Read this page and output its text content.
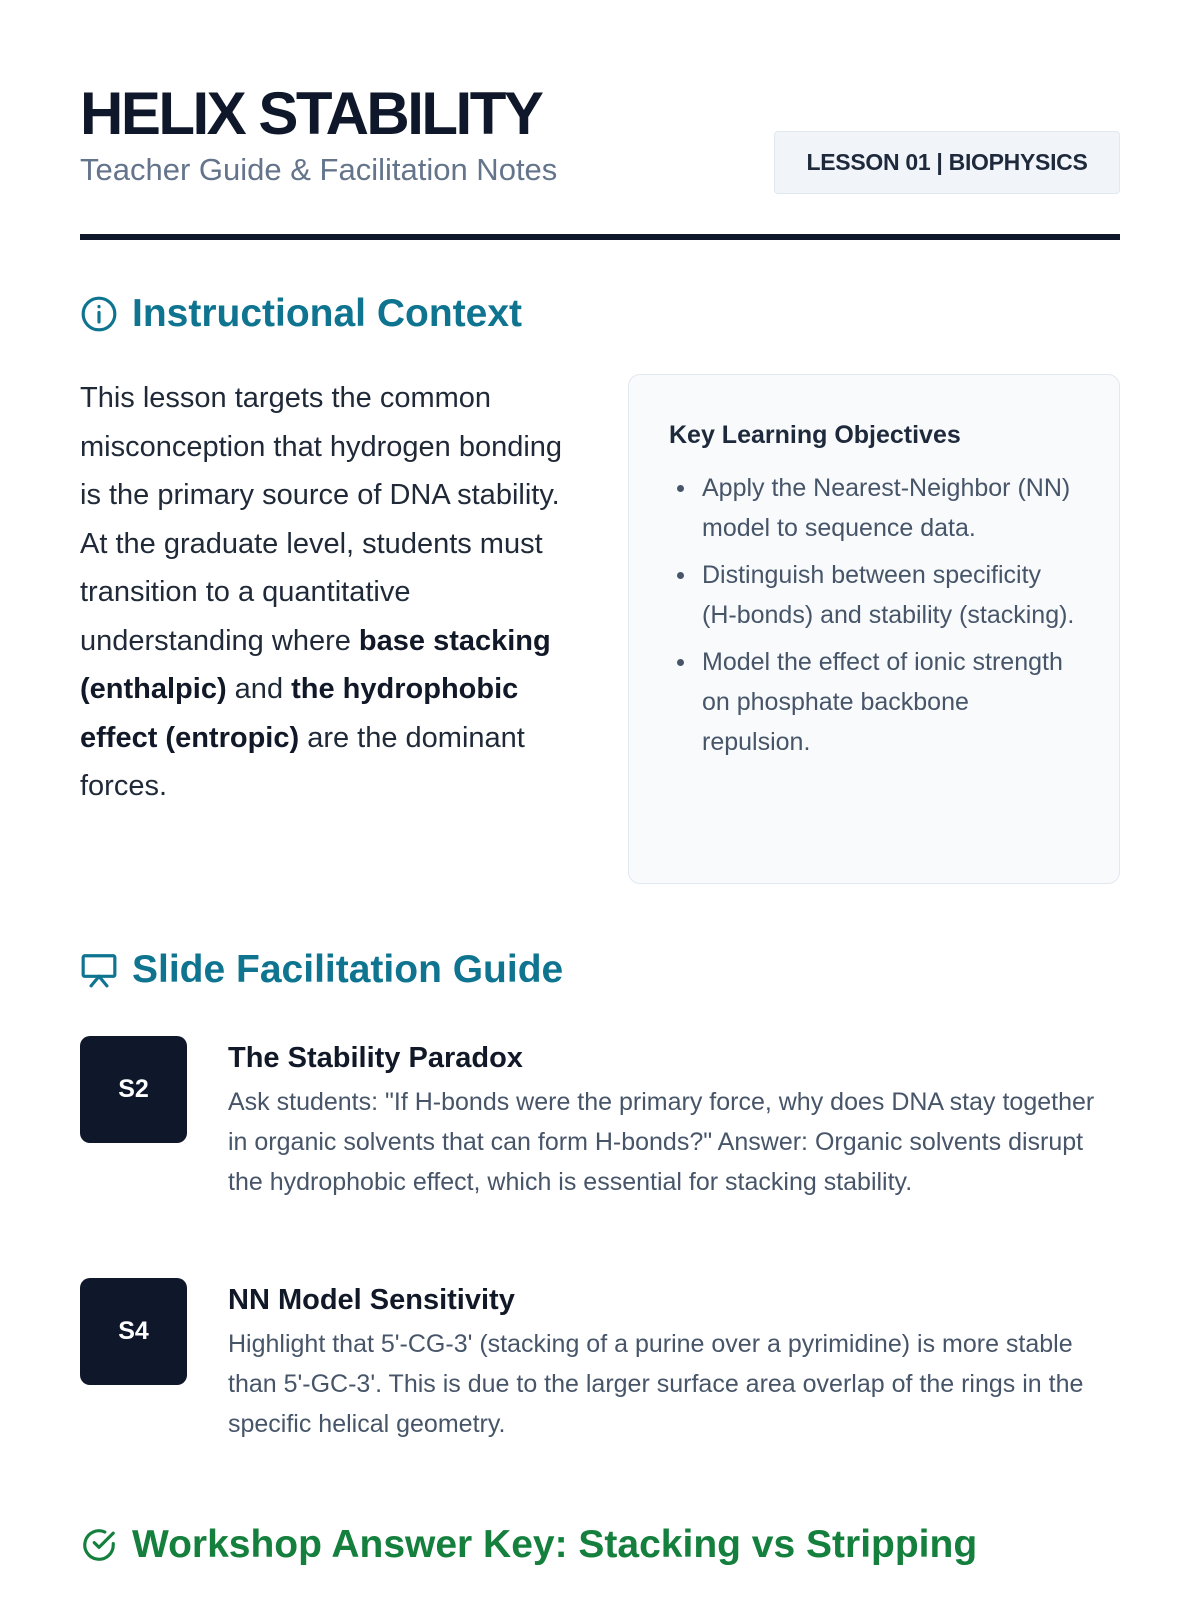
HELIX STABILITY
Teacher Guide & Facilitation Notes	LESSON 01 | BIOPHYSICS
Instructional Context

This lesson targets the common misconception that hydrogen bonding is the primary source of DNA stability. At the graduate level, students must transition to a quantitative understanding where base stacking (enthalpic) and the hydrophobic effect (entropic) are the dominant forces.

Key Learning Objectives
Apply the Nearest-Neighbor (NN) model to sequence data.
Distinguish between specificity (H-bonds) and stability (stacking).
Model the effect of ionic strength on phosphate backbone repulsion.
Slide Facilitation Guide
S2
The Stability Paradox
Ask students: "If H-bonds were the primary force, why does DNA stay together in organic solvents that can form H-bonds?" Answer: Organic solvents disrupt the hydrophobic effect, which is essential for stacking stability.
S4
NN Model Sensitivity
Highlight that 5'-CG-3' (stacking of a purine over a pyrimidine) is more stable than 5'-GC-3'. This is due to the larger surface area overlap of the rings in the specific helical geometry.
Workshop Answer Key: Stacking vs Stripping
